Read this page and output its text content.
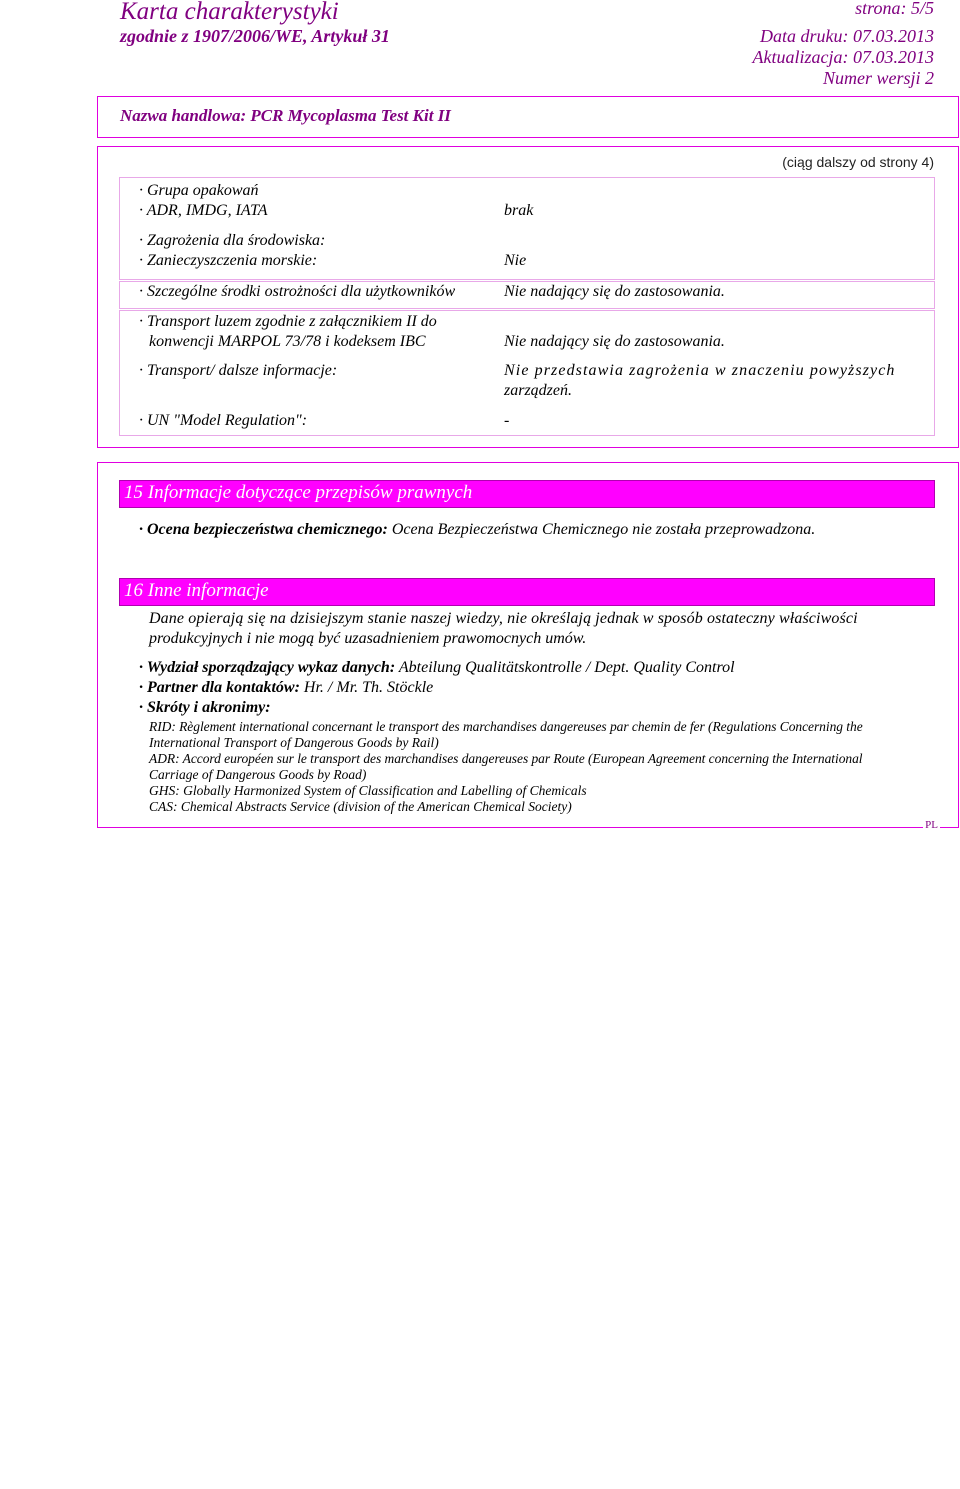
Karta charakterystyki
zgodnie z 1907/2006/WE, Artykuł 31
strona: 5/5
Data druku: 07.03.2013
Aktualizacja: 07.03.2013
Numer wersji 2
Nazwa handlowa: PCR Mycoplasma Test Kit II
(ciąg dalszy od strony 4)
· Grupa opakowań
· ADR, IMDG, IATA	brak
· Zagrożenia dla środowiska:
· Zanieczyszczenia morskie:	Nie
· Szczególne środki ostrożności dla użytkowników	Nie nadający się do zastosowania.
· Transport luzem zgodnie z załącznikiem II do
konwencji MARPOL 73/78 i kodeksem IBC	Nie nadający się do zastosowania.
· Transport/ dalsze informacje:	Nie przedstawia zagrożenia w znaczeniu powyższych
zarządzeń.
· UN "Model Regulation":	-
15 Informacje dotyczące przepisów prawnych
· Ocena bezpieczeństwa chemicznego: Ocena Bezpieczeństwa Chemicznego nie została przeprowadzona.
16 Inne informacje
Dane opierają się na dzisiejszym stanie naszej wiedzy, nie określają jednak w sposób ostateczny właściwości
produkcyjnych i nie mogą być uzasadnieniem prawomocnych umów.
· Wydział sporządzający wykaz danych: Abteilung Qualitätskontrolle / Dept. Quality Control
· Partner dla kontaktów: Hr. / Mr. Th. Stöckle
· Skróty i akronimy:
RID: Règlement international concernant le transport des marchandises dangereuses par chemin de fer (Regulations Concerning the
International Transport of Dangerous Goods by Rail)
ADR: Accord européen sur le transport des marchandises dangereuses par Route (European Agreement concerning the International
Carriage of Dangerous Goods by Road)
GHS: Globally Harmonized System of Classification and Labelling of Chemicals
CAS: Chemical Abstracts Service (division of the American Chemical Society)
PL
